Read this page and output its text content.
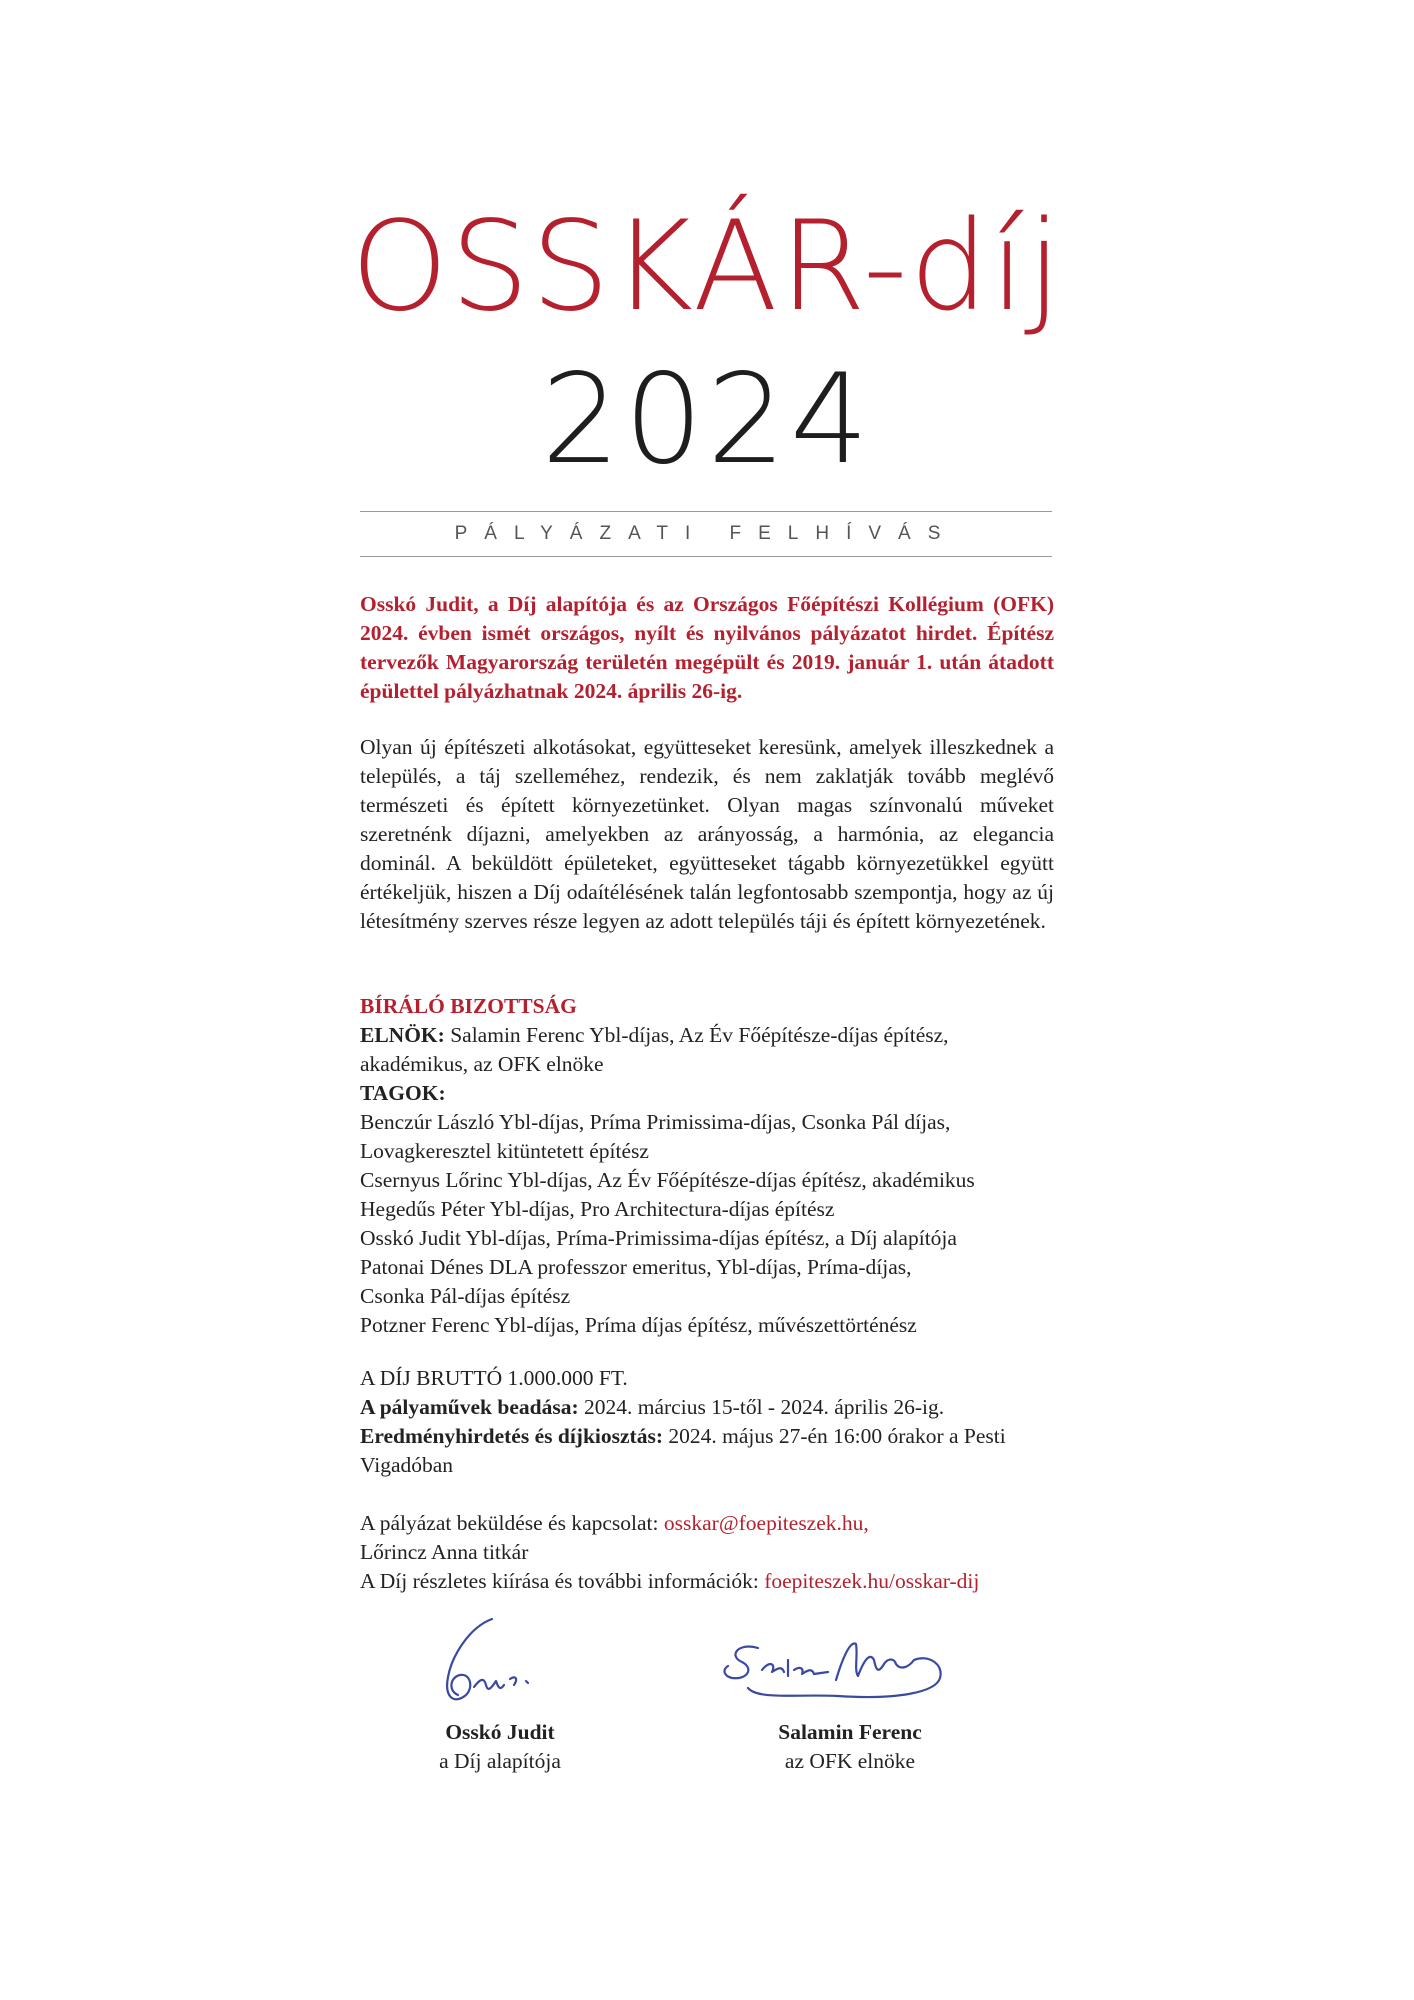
OSSKÁR-díj
2024
PÁLYÁZATI FELHÍVÁS

Osskó Judit, a Díj alapítója és az Országos Főépítészi Kollégium (OFK) 2024. évben ismét országos, nyílt és nyilvános pályázatot hirdet. Építész tervezők Magyarország területén megépült és 2019. január 1. után átadott épülettel pályázhatnak 2024. április 26-ig.

Olyan új építészeti alkotásokat, együtteseket keresünk, amelyek illeszkednek a település, a táj szelleméhez, rendezik, és nem zaklatják tovább meglévő természeti és épített környezetünket. Olyan magas színvonalú műveket szeretnénk díjazni, amelyekben az arányosság, a harmónia, az elegancia dominál. A beküldött épületeket, együtteseket tágabb környezetükkel együtt értékeljük, hiszen a Díj odaítélésének talán legfontosabb szempontja, hogy az új létesítmény szerves része legyen az adott település táji és épített környezetének.

BÍRÁLÓ BIZOTTSÁG
ELNÖK: Salamin Ferenc Ybl-díjas, Az Év Főépítésze-díjas építész,
akadémikus, az OFK elnöke
TAGOK:
Benczúr László Ybl-díjas, Príma Primissima-díjas, Csonka Pál díjas,
Lovagkeresztel kitüntetett építész
Csernyus Lőrinc Ybl-díjas, Az Év Főépítésze-díjas építész, akadémikus
Hegedűs Péter Ybl-díjas, Pro Architectura-díjas építész
Osskó Judit Ybl-díjas, Príma-Primissima-díjas építész, a Díj alapítója
Patonai Dénes DLA professzor emeritus, Ybl-díjas, Príma-díjas,
Csonka Pál-díjas építész
Potzner Ferenc Ybl-díjas, Príma díjas építész, művészettörténész
A DÍJ BRUTTÓ 1.000.000 FT.
A pályaművek beadása: 2024. március 15-től - 2024. április 26-ig.
Eredményhirdetés és díjkiosztás: 2024. május 27-én 16:00 órakor a Pesti
Vigadóban
A pályázat beküldése és kapcsolat: osskar@foepiteszek.hu,
Lőrincz Anna titkár
A Díj részletes kiírása és további információk: foepiteszek.hu/osskar-dij
Osskó Judit
a Díj alapítója
Salamin Ferenc
az OFK elnöke
